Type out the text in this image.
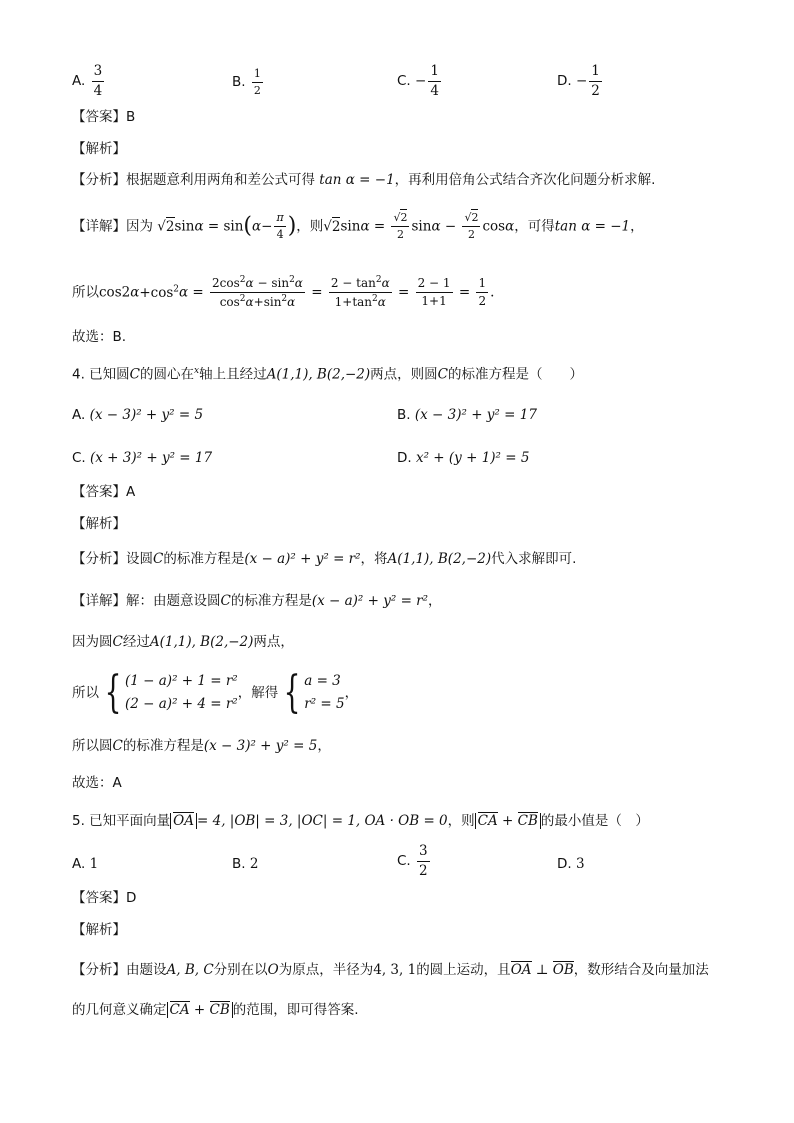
A. $\frac{3}{4}$	B. $\frac{1}{2}$	C. − $\frac{1}{4}$	D. − $\frac{1}{2}$
【答案】B
【解析】
【分析】根据题意利用两角和差公式可得 tan α = −1，再利用倍角公式结合齐次化问题分析求解.
【详解】因为 $√2\sin\alpha = \sin(\alpha- \frac{\pi}{4}$ )，则$√2\sin\alpha = \frac{√2}{2}$ $\sin\alpha - \frac{√2}{2}$ cosα，可得tan α = −1，
所以$\cos 2\alpha+\cos^2\alpha = \frac{2\cos^2\alpha - \sin^2\alpha}{\cos^2\alpha+\sin^2\alpha} = \frac{2 - \tan^2\alpha}{1+\tan^2\alpha} = \frac{2 - 1}{1+1} = \frac{1}{2}$ .
故选：B.
4. 已知圆C的圆心在$^x$轴上且经过A(1,1), B(2,−2)两点，则圆C的标准方程是（　　）
A. (x − 3)² + y² = 5	B. (x − 3)² + y² = 17
C. (x + 3)² + y² = 17	D. x² + (y + 1)² = 5
【答案】A
【解析】
【分析】设圆C的标准方程是(x − a)² + y² = r²，将A(1,1), B(2,−2)代入求解即可.
【详解】解：由题意设圆C的标准方程是(x − a)² + y² = r²，
因为圆C经过A(1,1), B(2,−2)两点，
所以 { (1 − a)² + 1 = r²
(2 − a)² + 4 = r²
，解得 { a = 3
r² = 5
，
所以圆C的标准方程是(x − 3)² + y² = 5，
故选：A
5. 已知平面向量 OA = 4, |OB| = 3, |OC| = 1, OA · OB = 0，则 CA + CB 的最小值是（　）
A. 1	B. 2	C. $\frac{3}{2}$	D. 3
【答案】D
【解析】
【分析】由题设A, B, C分别在以O为原点，半径为4, 3, 1的圆上运动，且OA ⊥ OB，数形结合及向量加法
的几何意义确定 CA + CB 的范围，即可得答案.
